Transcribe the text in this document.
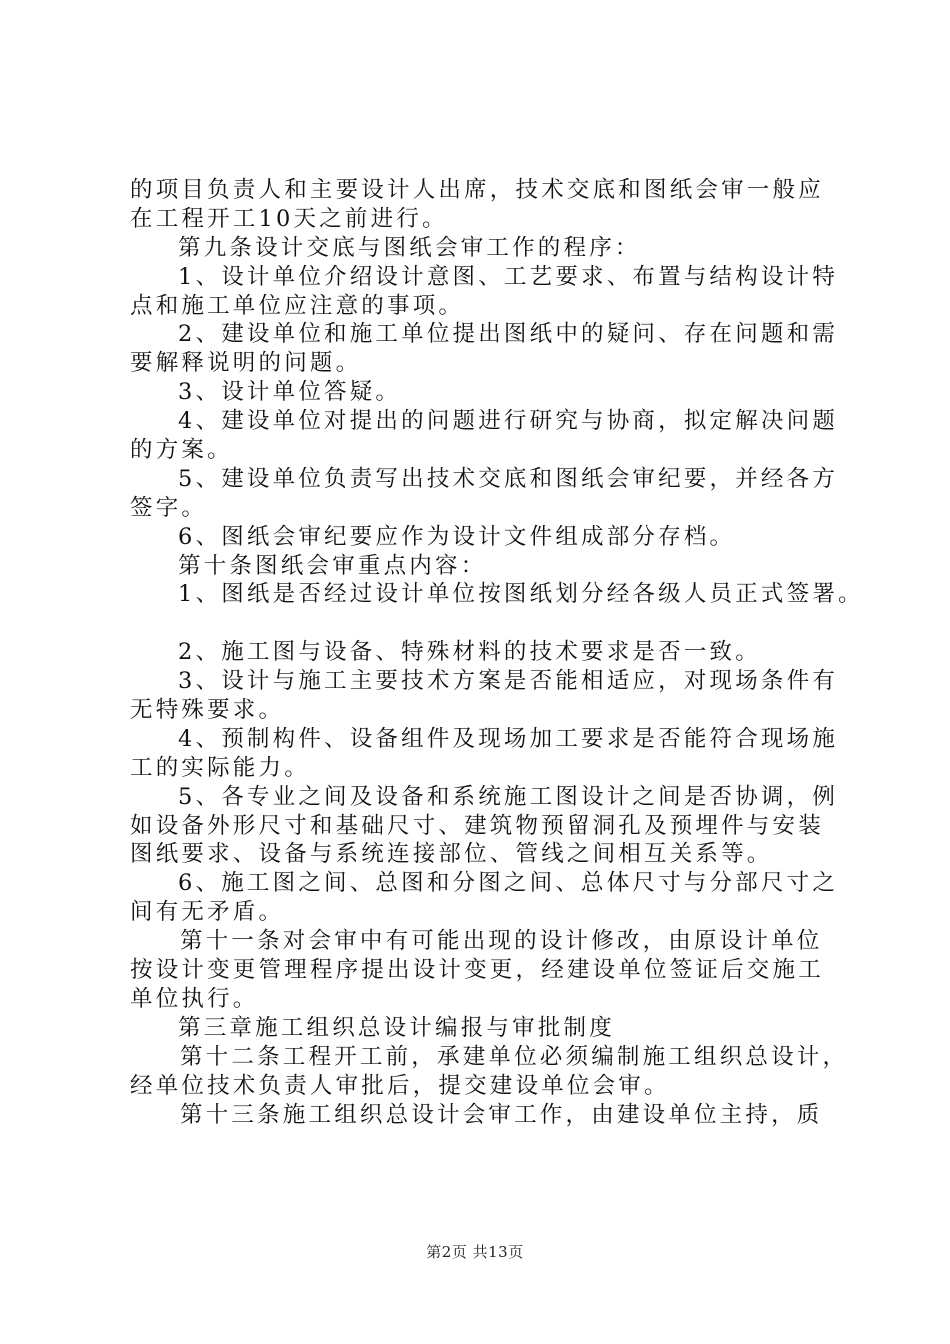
的项目负责人和主要设计人出席，技术交底和图纸会审一般应
在工程开工10天之前进行。
第九条设计交底与图纸会审工作的程序：
1、设计单位介绍设计意图、工艺要求、布置与结构设计特
点和施工单位应注意的事项。
2、建设单位和施工单位提出图纸中的疑问、存在问题和需
要解释说明的问题。
3、设计单位答疑。
4、建设单位对提出的问题进行研究与协商，拟定解决问题
的方案。
5、建设单位负责写出技术交底和图纸会审纪要，并经各方
签字。
6、图纸会审纪要应作为设计文件组成部分存档。
第十条图纸会审重点内容：
1、图纸是否经过设计单位按图纸划分经各级人员正式签署。
2、施工图与设备、特殊材料的技术要求是否一致。
3、设计与施工主要技术方案是否能相适应，对现场条件有
无特殊要求。
4、预制构件、设备组件及现场加工要求是否能符合现场施
工的实际能力。
5、各专业之间及设备和系统施工图设计之间是否协调，例
如设备外形尺寸和基础尺寸、建筑物预留洞孔及预埋件与安装
图纸要求、设备与系统连接部位、管线之间相互关系等。
6、施工图之间、总图和分图之间、总体尺寸与分部尺寸之
间有无矛盾。
第十一条对会审中有可能出现的设计修改，由原设计单位
按设计变更管理程序提出设计变更，经建设单位签证后交施工
单位执行。
第三章施工组织总设计编报与审批制度
第十二条工程开工前，承建单位必须编制施工组织总设计，
经单位技术负责人审批后，提交建设单位会审。
第十三条施工组织总设计会审工作，由建设单位主持，质
第2页 共13页
